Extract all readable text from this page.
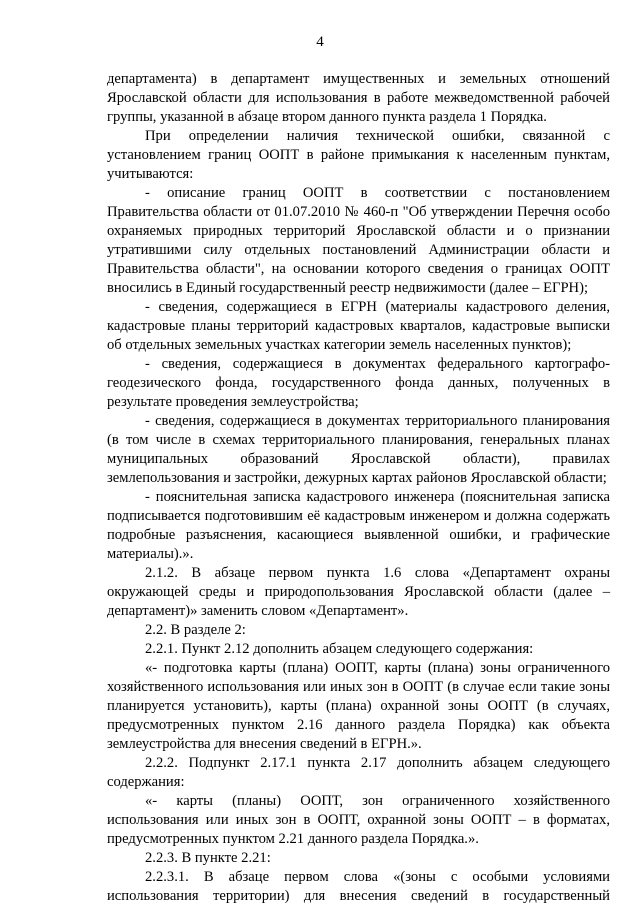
4

департамента) в департамент имущественных и земельных отношений Ярославской области для использования в работе межведомственной рабочей группы, указанной в абзаце втором данного пункта раздела 1 Порядка.

При определении наличия технической ошибки, связанной с установлением границ ООПТ в районе примыкания к населенным пунктам, учитываются:

- описание границ ООПТ в соответствии с постановлением Правительства области от 01.07.2010 № 460-п "Об утверждении Перечня особо охраняемых природных территорий Ярославской области и о признании утратившими силу отдельных постановлений Администрации области и Правительства области", на основании которого сведения о границах ООПТ вносились в Единый государственный реестр недвижимости (далее – ЕГРН);

- сведения, содержащиеся в ЕГРН (материалы кадастрового деления, кадастровые планы территорий кадастровых кварталов, кадастровые выписки об отдельных земельных участках категории земель населенных пунктов);

- сведения, содержащиеся в документах федерального картографо-геодезического фонда, государственного фонда данных, полученных в результате проведения землеустройства;

- сведения, содержащиеся в документах территориального планирования (в том числе в схемах территориального планирования, генеральных планах муниципальных образований Ярославской области), правилах землепользования и застройки, дежурных картах районов Ярославской области;

- пояснительная записка кадастрового инженера (пояснительная записка подписывается подготовившим её кадастровым инженером и должна содержать подробные разъяснения, касающиеся выявленной ошибки, и графические материалы).».

2.1.2. В абзаце первом пункта 1.6 слова «Департамент охраны окружающей среды и природопользования Ярославской области (далее – департамент)» заменить словом «Департамент».

2.2. В разделе 2:

2.2.1. Пункт 2.12 дополнить абзацем следующего содержания:

«- подготовка карты (плана) ООПТ, карты (плана) зоны ограниченного хозяйственного использования или иных зон в ООПТ (в случае если такие зоны планируется установить), карты (плана) охранной зоны ООПТ (в случаях, предусмотренных пунктом 2.16 данного раздела Порядка) как объекта землеустройства для внесения сведений в ЕГРН.».

2.2.2. Подпункт 2.17.1 пункта 2.17 дополнить абзацем следующего содержания:

«- карты (планы) ООПТ, зон ограниченного хозяйственного использования или иных зон в ООПТ, охранной зоны ООПТ – в форматах, предусмотренных пунктом 2.21 данного раздела Порядка.».

2.2.3. В пункте 2.21:

2.2.3.1. В абзаце первом слова «(зоны с особыми условиями использования территории) для внесения сведений в государственный
